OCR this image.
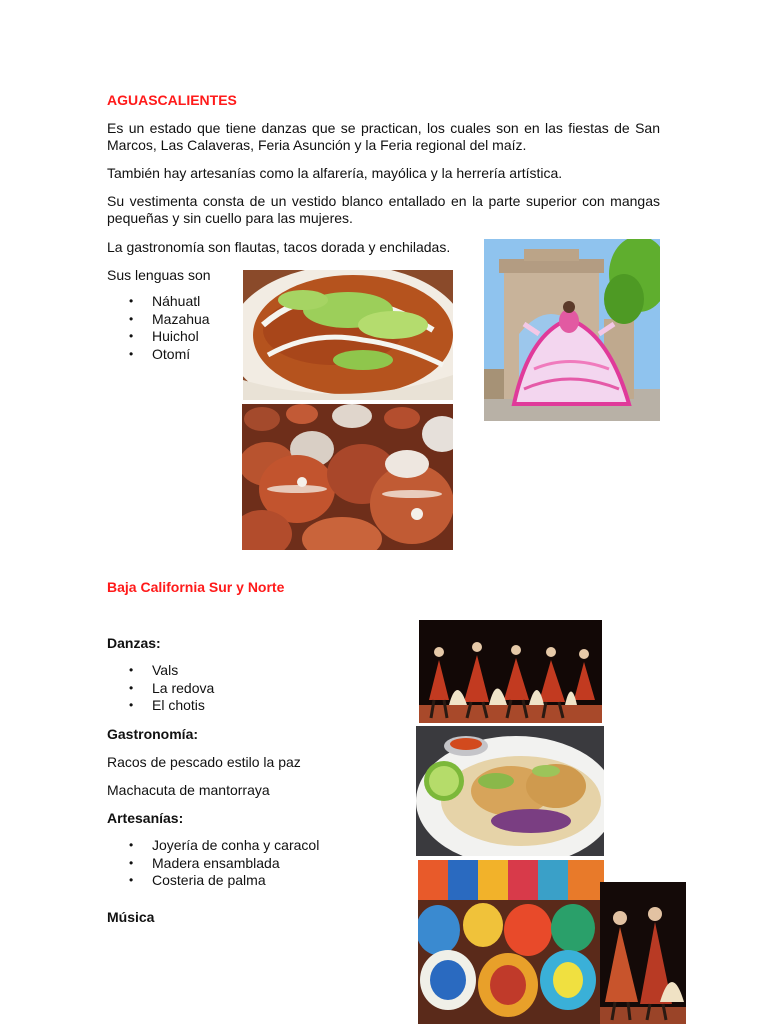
AGUASCALIENTES
Es un estado que tiene danzas que se practican, los cuales son en las fiestas de San Marcos, Las Calaveras, Feria Asunción y la Feria regional del maíz.
También hay artesanías como la alfarería, mayólica y la herrería artística.
Su vestimenta consta de un vestido blanco entallado en la parte superior con mangas pequeñas y sin cuello para las mujeres.
La gastronomía son flautas, tacos dorada y enchiladas.
Sus lenguas son
• Náhuatl
• Mazahua
• Huichol
• Otomí
Baja California Sur y Norte
Danzas:
• Vals
• La redova
• El chotis
Gastronomía:
Racos de pescado estilo la paz
Machacuta de mantorraya
Artesanías:
• Joyería de conha y caracol
• Madera ensamblada
• Costeria de palma
Música
